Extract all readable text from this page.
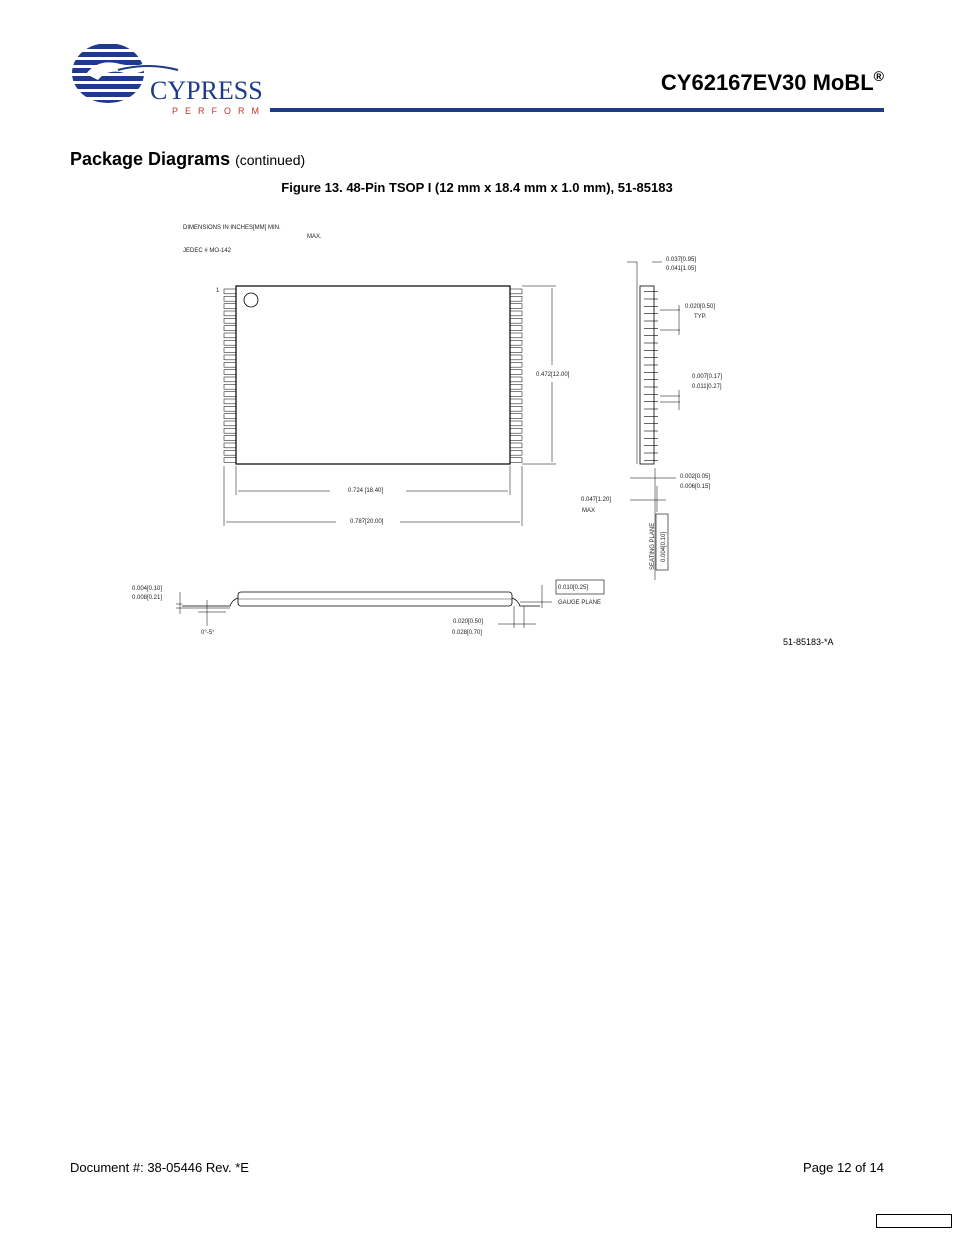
CYPRESS
PERFORM
CY62167EV30 MoBL®
Package Diagrams (continued)
Figure 13. 48-Pin TSOP I (12 mm x 18.4 mm x 1.0 mm), 51-85183
DIMENSIONS IN INCHES[MM] MIN.
MAX.
JEDEC # MO-142
1
0.472[12.00]
0.724 [18.40]
0.787[20.00]
0.037[0.95]
0.041[1.05]
0.020[0.50]
TYP.
0.007[0.17]
0.011[0.27]
0.002[0.05]
0.006[0.15]
0.047[1.20]
MAX
SEATING PLANE 0.004[0.10]
0.004[0.10]
0.008[0.21]
0°-5°
0.020[0.50]
0.028[0.70]
0.010[0.25]
GAUGE PLANE
51-85183-*A
Document #: 38-05446 Rev. *E	Page 12 of 14
